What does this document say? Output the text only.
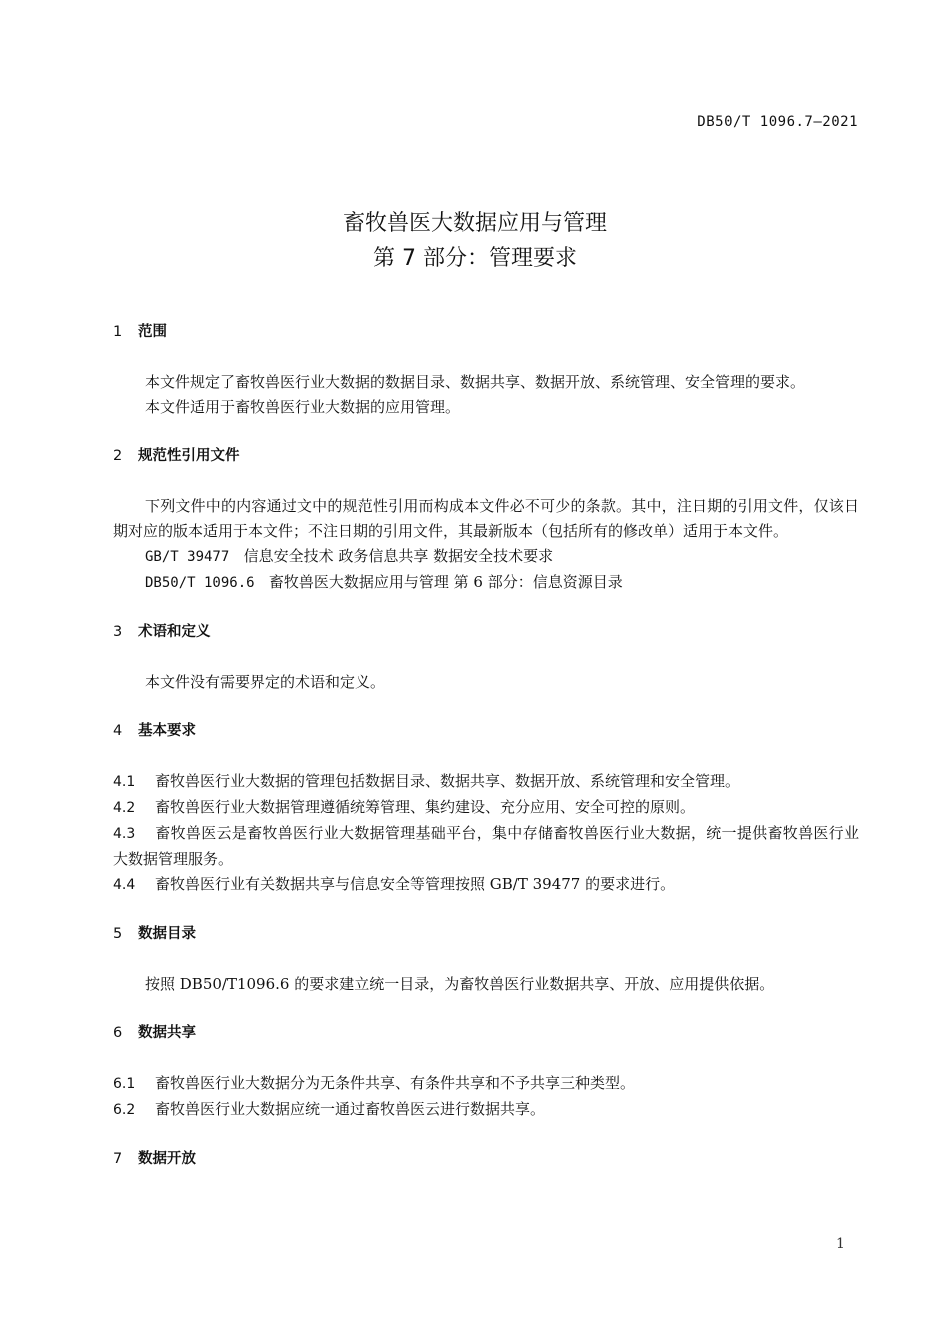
DB50/T 1096.7—2021
畜牧兽医大数据应用与管理
第 7 部分：管理要求
1 范围

本文件规定了畜牧兽医行业大数据的数据目录、数据共享、数据开放、系统管理、安全管理的要求。

本文件适用于畜牧兽医行业大数据的应用管理。

2 规范性引用文件

下列文件中的内容通过文中的规范性引用而构成本文件必不可少的条款。其中，注日期的引用文件，仅该日期对应的版本适用于本文件；不注日期的引用文件，其最新版本（包括所有的修改单）适用于本文件。

GB/T 39477 信息安全技术 政务信息共享 数据安全技术要求

DB50/T 1096.6 畜牧兽医大数据应用与管理 第 6 部分：信息资源目录

3 术语和定义

本文件没有需要界定的术语和定义。

4 基本要求

4.1 畜牧兽医行业大数据的管理包括数据目录、数据共享、数据开放、系统管理和安全管理。

4.2 畜牧兽医行业大数据管理遵循统筹管理、集约建设、充分应用、安全可控的原则。

4.3 畜牧兽医云是畜牧兽医行业大数据管理基础平台，集中存储畜牧兽医行业大数据，统一提供畜牧兽医行业大数据管理服务。

4.4 畜牧兽医行业有关数据共享与信息安全等管理按照 GB/T 39477 的要求进行。

5 数据目录

按照 DB50/T1096.6 的要求建立统一目录，为畜牧兽医行业数据共享、开放、应用提供依据。

6 数据共享

6.1 畜牧兽医行业大数据分为无条件共享、有条件共享和不予共享三种类型。

6.2 畜牧兽医行业大数据应统一通过畜牧兽医云进行数据共享。

7 数据开放
1
